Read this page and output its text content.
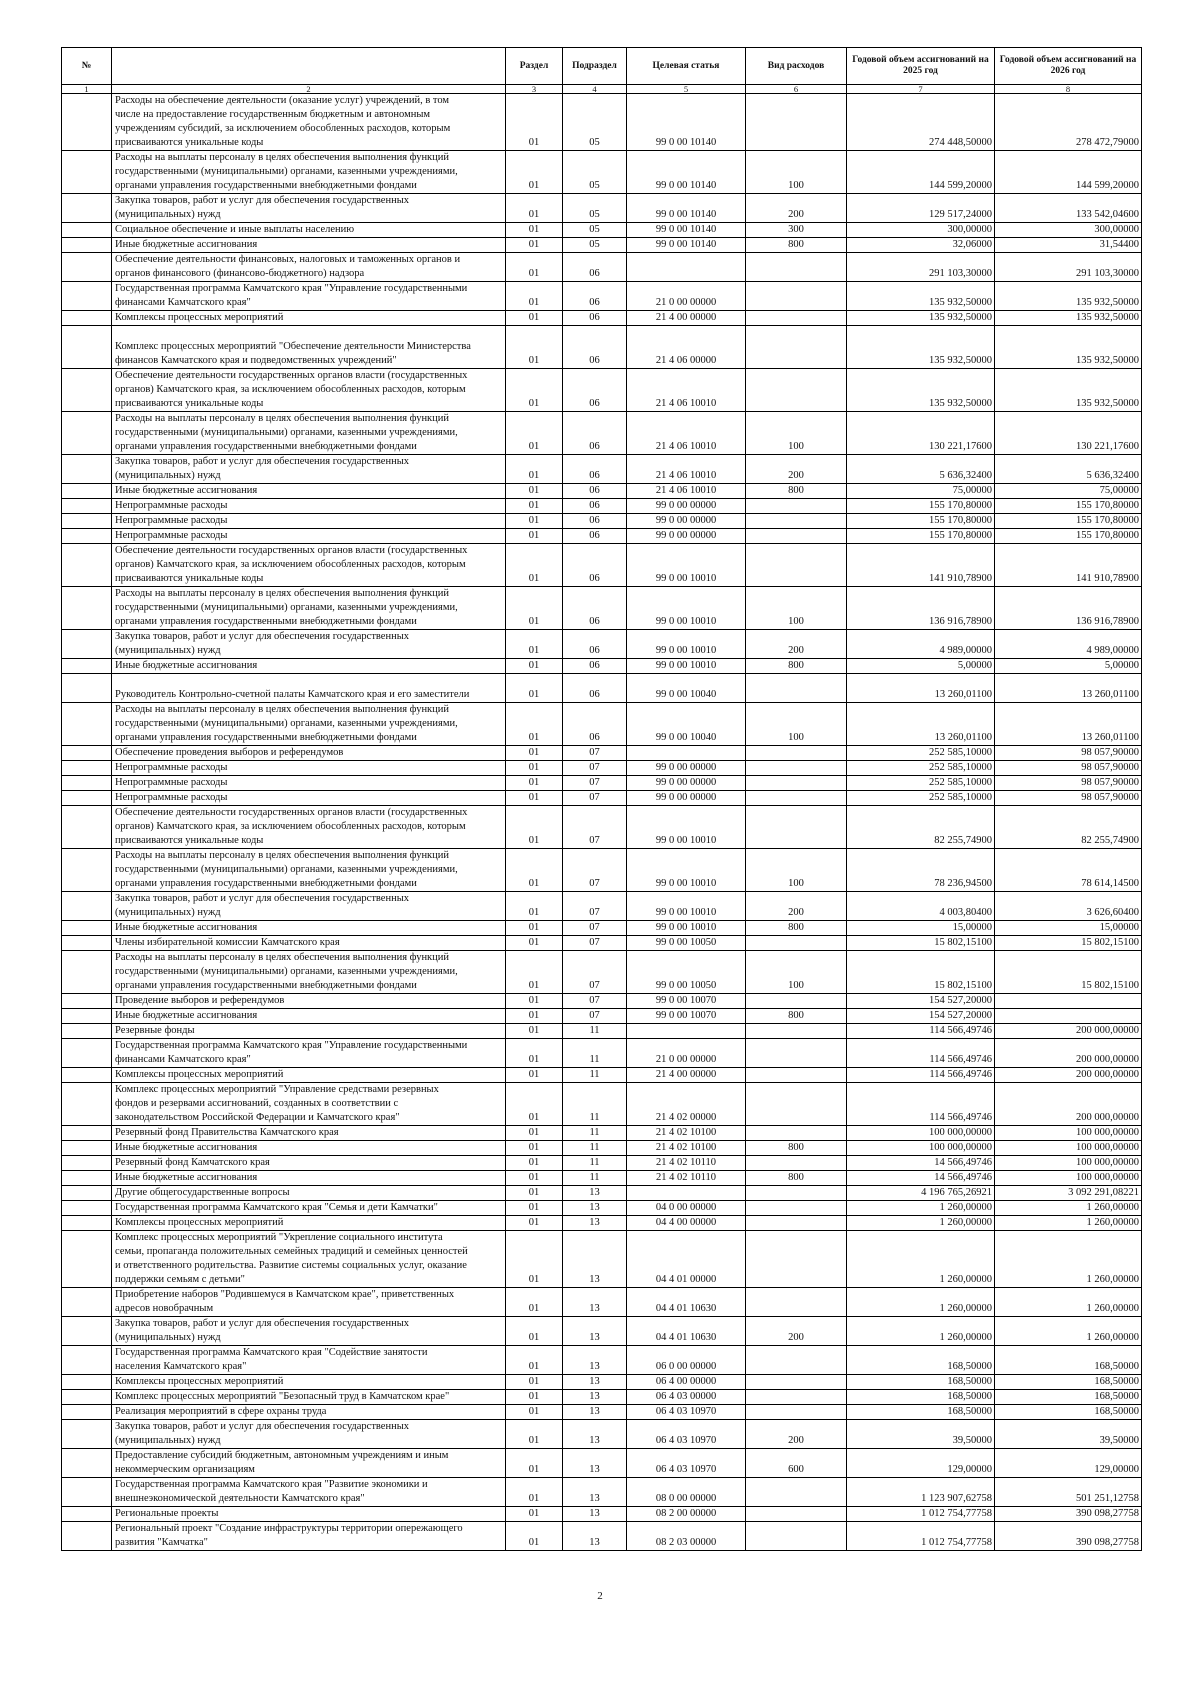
№		Раздел	Подраздел	Целевая статья	Вид расходов	Годовой объем ассигнований на 2025 год	Годовой объем ассигнований на 2026 год
1	2	3	4	5	6	7	8
	Расходы на обеспечение деятельности (оказание услуг) учреждений, в том
числе на предоставление государственным бюджетным и автономным
учреждениям субсидий, за исключением обособленных расходов, которым
присваиваются уникальные коды	01	05	99 0 00 10140		274 448,50000	278 472,79000
	Расходы на выплаты персоналу в целях обеспечения выполнения функций
государственными (муниципальными) органами, казенными учреждениями,
органами управления государственными внебюджетными фондами	01	05	99 0 00 10140	100	144 599,20000	144 599,20000
	Закупка товаров, работ и услуг для обеспечения государственных
(муниципальных) нужд	01	05	99 0 00 10140	200	129 517,24000	133 542,04600
	Социальное обеспечение и иные выплаты населению	01	05	99 0 00 10140	300	300,00000	300,00000
	Иные бюджетные ассигнования	01	05	99 0 00 10140	800	32,06000	31,54400
	Обеспечение деятельности финансовых, налоговых и таможенных органов и
органов финансового (финансово-бюджетного) надзора	01	06			291 103,30000	291 103,30000
	Государственная программа Камчатского края "Управление государственными
финансами Камчатского края"	01	06	21 0 00 00000		135 932,50000	135 932,50000
	Комплексы процессных мероприятий	01	06	21 4 00 00000		135 932,50000	135 932,50000

Комплекс процессных мероприятий "Обеспечение деятельности Министерства
финансов Камчатского края и подведомственных учреждений"	01	06	21 4 06 00000		135 932,50000	135 932,50000
	Обеспечение деятельности государственных органов власти (государственных
органов) Камчатского края, за исключением обособленных расходов, которым
присваиваются уникальные коды	01	06	21 4 06 10010		135 932,50000	135 932,50000
	Расходы на выплаты персоналу в целях обеспечения выполнения функций
государственными (муниципальными) органами, казенными учреждениями,
органами управления государственными внебюджетными фондами	01	06	21 4 06 10010	100	130 221,17600	130 221,17600
	Закупка товаров, работ и услуг для обеспечения государственных
(муниципальных) нужд	01	06	21 4 06 10010	200	5 636,32400	5 636,32400
	Иные бюджетные ассигнования	01	06	21 4 06 10010	800	75,00000	75,00000
	Непрограммные расходы	01	06	99 0 00 00000		155 170,80000	155 170,80000
	Непрограммные расходы	01	06	99 0 00 00000		155 170,80000	155 170,80000
	Непрограммные расходы	01	06	99 0 00 00000		155 170,80000	155 170,80000
	Обеспечение деятельности государственных органов власти (государственных
органов) Камчатского края, за исключением обособленных расходов, которым
присваиваются уникальные коды	01	06	99 0 00 10010		141 910,78900	141 910,78900
	Расходы на выплаты персоналу в целях обеспечения выполнения функций
государственными (муниципальными) органами, казенными учреждениями,
органами управления государственными внебюджетными фондами	01	06	99 0 00 10010	100	136 916,78900	136 916,78900
	Закупка товаров, работ и услуг для обеспечения государственных
(муниципальных) нужд	01	06	99 0 00 10010	200	4 989,00000	4 989,00000
	Иные бюджетные ассигнования	01	06	99 0 00 10010	800	5,00000	5,00000

Руководитель Контрольно-счетной палаты Камчатского края и его заместители	01	06	99 0 00 10040		13 260,01100	13 260,01100
	Расходы на выплаты персоналу в целях обеспечения выполнения функций
государственными (муниципальными) органами, казенными учреждениями,
органами управления государственными внебюджетными фондами	01	06	99 0 00 10040	100	13 260,01100	13 260,01100
	Обеспечение проведения выборов и референдумов	01	07			252 585,10000	98 057,90000
	Непрограммные расходы	01	07	99 0 00 00000		252 585,10000	98 057,90000
	Непрограммные расходы	01	07	99 0 00 00000		252 585,10000	98 057,90000
	Непрограммные расходы	01	07	99 0 00 00000		252 585,10000	98 057,90000
	Обеспечение деятельности государственных органов власти (государственных
органов) Камчатского края, за исключением обособленных расходов, которым
присваиваются уникальные коды	01	07	99 0 00 10010		82 255,74900	82 255,74900
	Расходы на выплаты персоналу в целях обеспечения выполнения функций
государственными (муниципальными) органами, казенными учреждениями,
органами управления государственными внебюджетными фондами	01	07	99 0 00 10010	100	78 236,94500	78 614,14500
	Закупка товаров, работ и услуг для обеспечения государственных
(муниципальных) нужд	01	07	99 0 00 10010	200	4 003,80400	3 626,60400
	Иные бюджетные ассигнования	01	07	99 0 00 10010	800	15,00000	15,00000
	Члены избирательной комиссии Камчатского края	01	07	99 0 00 10050		15 802,15100	15 802,15100
	Расходы на выплаты персоналу в целях обеспечения выполнения функций
государственными (муниципальными) органами, казенными учреждениями,
органами управления государственными внебюджетными фондами	01	07	99 0 00 10050	100	15 802,15100	15 802,15100
	Проведение выборов и референдумов	01	07	99 0 00 10070		154 527,20000	
	Иные бюджетные ассигнования	01	07	99 0 00 10070	800	154 527,20000	
	Резервные фонды	01	11			114 566,49746	200 000,00000
	Государственная программа Камчатского края "Управление государственными
финансами Камчатского края"	01	11	21 0 00 00000		114 566,49746	200 000,00000
	Комплексы процессных мероприятий	01	11	21 4 00 00000		114 566,49746	200 000,00000
	Комплекс процессных мероприятий "Управление средствами резервных
фондов и резервами ассигнований, созданных в соответствии с
законодательством Российской Федерации и Камчатского края"	01	11	21 4 02 00000		114 566,49746	200 000,00000
	Резервный фонд Правительства Камчатского края	01	11	21 4 02 10100		100 000,00000	100 000,00000
	Иные бюджетные ассигнования	01	11	21 4 02 10100	800	100 000,00000	100 000,00000
	Резервный фонд Камчатского края	01	11	21 4 02 10110		14 566,49746	100 000,00000
	Иные бюджетные ассигнования	01	11	21 4 02 10110	800	14 566,49746	100 000,00000
	Другие общегосударственные вопросы	01	13			4 196 765,26921	3 092 291,08221
	Государственная программа Камчатского края "Семья и дети Камчатки"	01	13	04 0 00 00000		1 260,00000	1 260,00000
	Комплексы процессных мероприятий	01	13	04 4 00 00000		1 260,00000	1 260,00000
	Комплекс процессных мероприятий "Укрепление социального института
семьи, пропаганда положительных семейных традиций и семейных ценностей
и ответственного родительства. Развитие системы социальных услуг, оказание
поддержки семьям с детьми"	01	13	04 4 01 00000		1 260,00000	1 260,00000
	Приобретение наборов "Родившемуся в Камчатском крае", приветственных
адресов новобрачным	01	13	04 4 01 10630		1 260,00000	1 260,00000
	Закупка товаров, работ и услуг для обеспечения государственных
(муниципальных) нужд	01	13	04 4 01 10630	200	1 260,00000	1 260,00000
	Государственная программа Камчатского края "Содействие занятости
населения Камчатского края"	01	13	06 0 00 00000		168,50000	168,50000
	Комплексы процессных мероприятий	01	13	06 4 00 00000		168,50000	168,50000
	Комплекс процессных мероприятий "Безопасный труд в Камчатском крае"	01	13	06 4 03 00000		168,50000	168,50000
	Реализация мероприятий в сфере охраны труда	01	13	06 4 03 10970		168,50000	168,50000
	Закупка товаров, работ и услуг для обеспечения государственных
(муниципальных) нужд	01	13	06 4 03 10970	200	39,50000	39,50000
	Предоставление субсидий бюджетным, автономным учреждениям и иным
некоммерческим организациям	01	13	06 4 03 10970	600	129,00000	129,00000
	Государственная программа Камчатского края "Развитие экономики и
внешнеэкономической деятельности Камчатского края"	01	13	08 0 00 00000		1 123 907,62758	501 251,12758
	Региональные проекты	01	13	08 2 00 00000		1 012 754,77758	390 098,27758
	Региональный проект "Создание инфраструктуры территории опережающего
развития "Камчатка"	01	13	08 2 03 00000		1 012 754,77758	390 098,27758
2
